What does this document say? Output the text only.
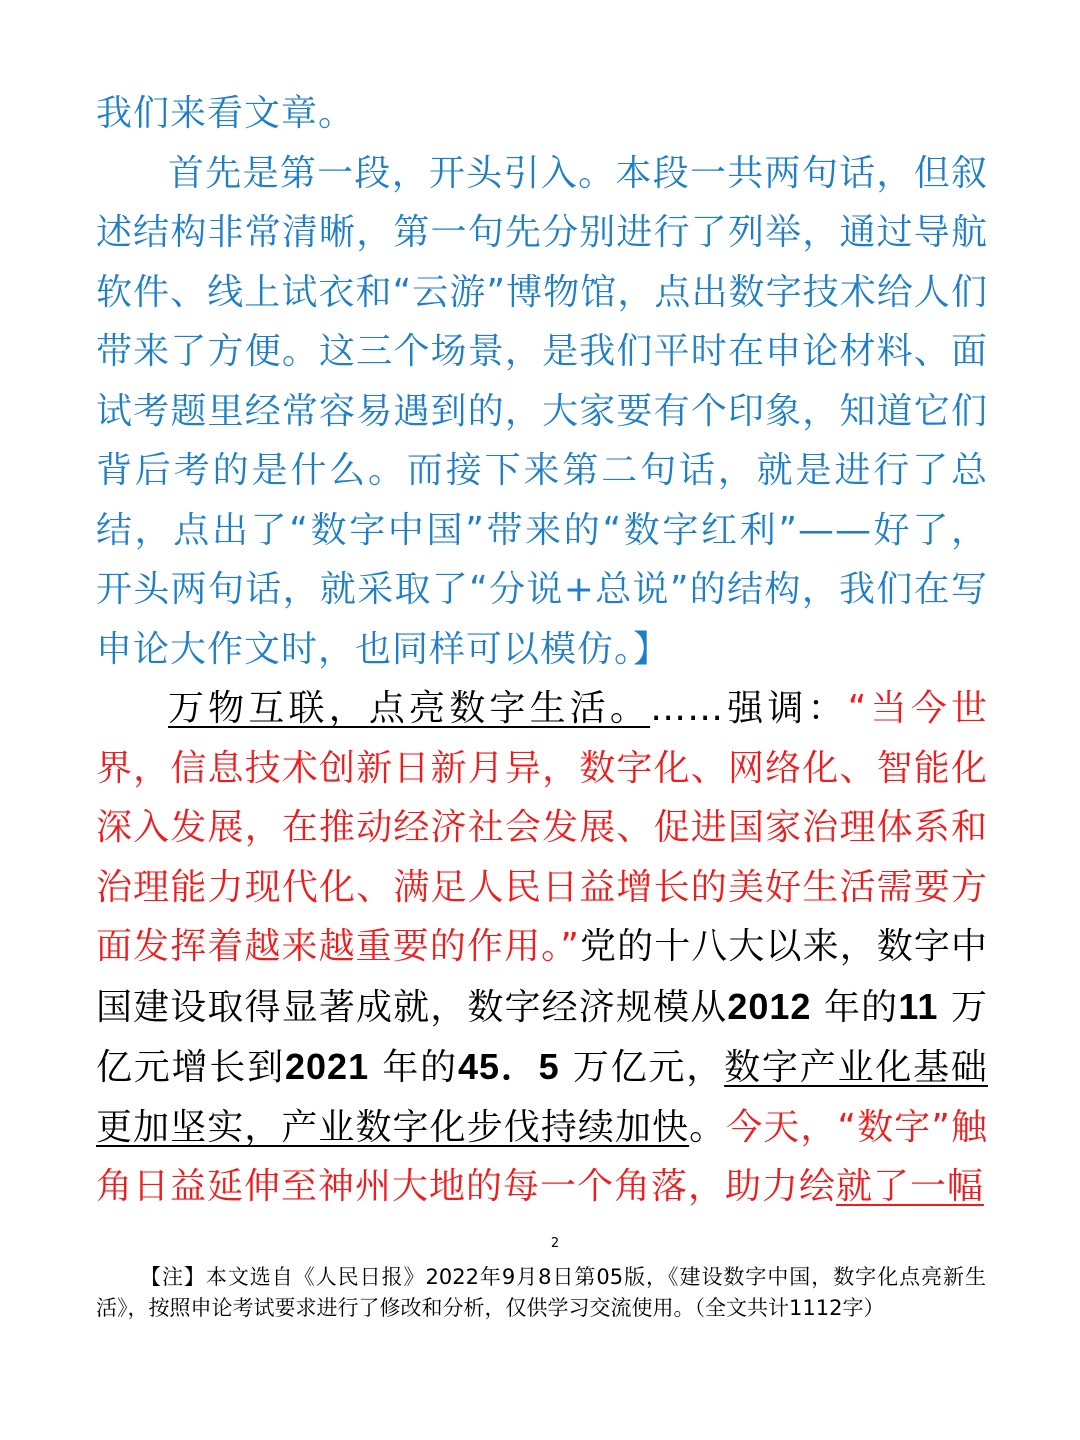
我们来看文章。

首先是第一段，开头引入。本段一共两句话，但叙述结构非常清晰，第一句先分别进行了列举，通过导航软件、线上试衣和“云游”博物馆，点出数字技术给人们带来了方便。这三个场景，是我们平时在申论材料、面试考题里经常容易遇到的，大家要有个印象，知道它们背后考的是什么。而接下来第二句话，就是进行了总结，点出了“数字中国”带来的“数字红利”——好了，开头两句话，就采取了“分说+总说”的结构，我们在写申论大作文时，也同样可以模仿。】

万物互联，点亮数字生活。……强调：“当今世界，信息技术创新日新月异，数字化、网络化、智能化深入发展，在推动经济社会发展、促进国家治理体系和治理能力现代化、满足人民日益增长的美好生活需要方面发挥着越来越重要的作用。”党的十八大以来，数字中国建设取得显著成就，数字经济规模从2012 年的11 万亿元增长到2021 年的45．5 万亿元，数字产业化基础更加坚实，产业数字化步伐持续加快。今天，“数字”触角日益延伸至神州大地的每一个角落，助力绘就了一幅

2

【注】本文选自《人民日报》2022年9月8日第05版，《建设数字中国，数字化点亮新生活》，按照申论考试要求进行了修改和分析，仅供学习交流使用。（全文共计1112字）
